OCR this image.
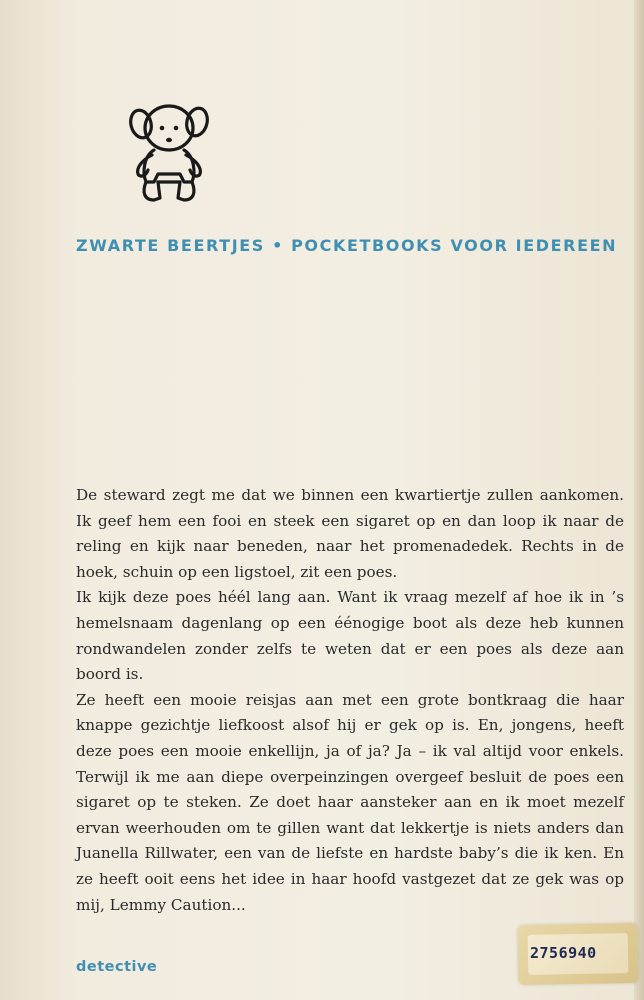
ZWARTE BEERTJES • POCKETBOOKS VOOR IEDEREEN

De steward zegt me dat we binnen een kwartiertje zullen aankomen. Ik geef hem een fooi en steek een sigaret op en dan loop ik naar de reling en kijk naar beneden, naar het promenadedek. Rechts in de hoek, schuin op een ligstoel, zit een poes.

Ik kijk deze poes héél lang aan. Want ik vraag mezelf af hoe ik in ’s hemelsnaam dagenlang op een éénogige boot als deze heb kunnen rondwandelen zonder zelfs te weten dat er een poes als deze aan boord is.

Ze heeft een mooie reisjas aan met een grote bontkraag die haar knappe gezichtje liefkoost alsof hij er gek op is. En, jongens, heeft deze poes een mooie enkellijn, ja of ja? Ja – ik val altijd voor enkels. Terwijl ik me aan diepe overpeinzingen overgeef besluit de poes een sigaret op te steken. Ze doet haar aansteker aan en ik moet mezelf ervan weerhouden om te gillen want dat lekkertje is niets anders dan Juanella Rillwater, een van de liefste en hardste baby’s die ik ken. En ze heeft ooit eens het idee in haar hoofd vastgezet dat ze gek was op mij, Lemmy Caution...

detective
2756940
